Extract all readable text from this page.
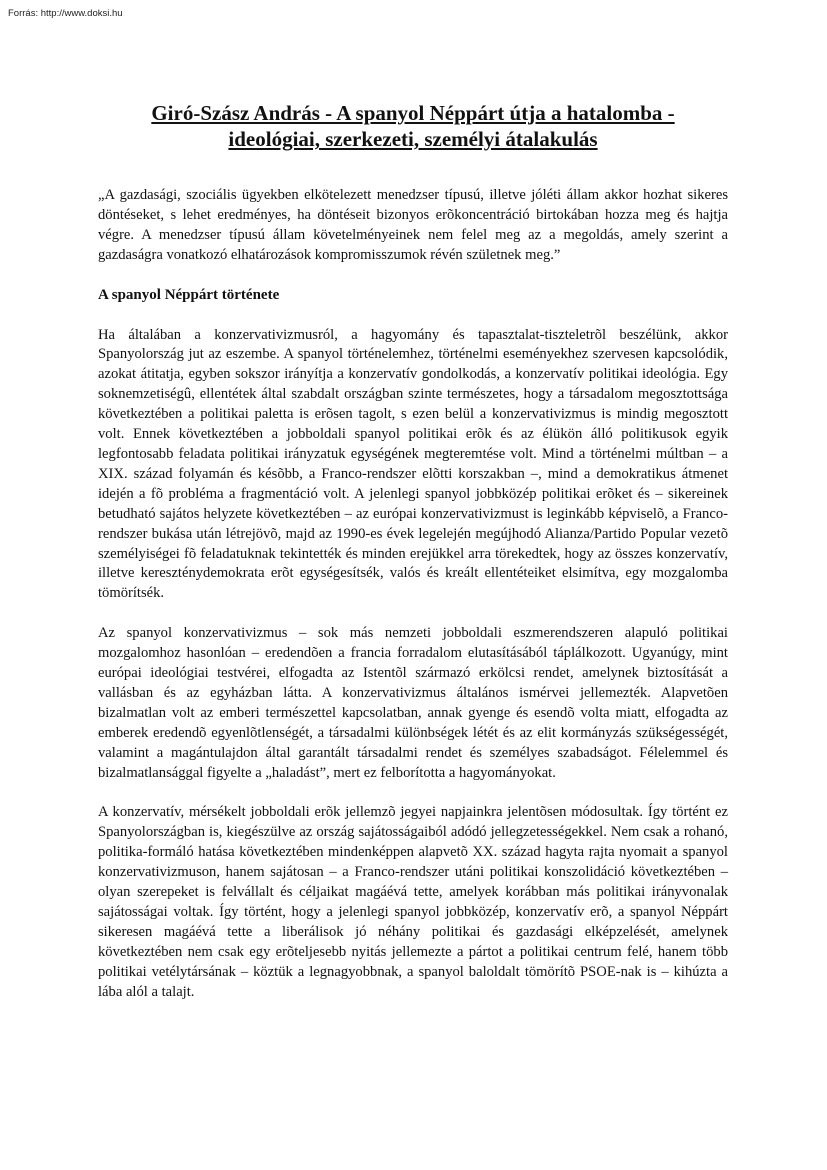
Forrás: http://www.doksi.hu
Giró-Szász András - A spanyol Néppárt útja a hatalomba -
ideológiai, szerkezeti, személyi átalakulás

„A gazdasági, szociális ügyekben elkötelezett menedzser típusú, illetve jóléti állam akkor hozhat sikeres döntéseket, s lehet eredményes, ha döntéseit bizonyos erõkoncentráció birtokában hozza meg és hajtja végre. A menedzser típusú állam követelményeinek nem felel meg az a megoldás, amely szerint a gazdaságra vonatkozó elhatározások kompromisszumok révén születnek meg.”

A spanyol Néppárt története

Ha általában a konzervativizmusról, a hagyomány és tapasztalat-tiszteletrõl beszélünk, akkor Spanyolország jut az eszembe. A spanyol történelemhez, történelmi eseményekhez szervesen kapcsolódik, azokat átitatja, egyben sokszor irányítja a konzervatív gondolkodás, a konzervatív politikai ideológia. Egy soknemzetiségû, ellentétek által szabdalt országban szinte természetes, hogy a társadalom megosztottsága következtében a politikai paletta is erõsen tagolt, s ezen belül a konzervativizmus is mindig megosztott volt. Ennek következtében a jobboldali spanyol politikai erõk és az élükön álló politikusok egyik legfontosabb feladata politikai irányzatuk egységének megteremtése volt. Mind a történelmi múltban – a XIX. század folyamán és késõbb, a Franco-rendszer elõtti korszakban –, mind a demokratikus átmenet idején a fõ probléma a fragmentáció volt. A jelenlegi spanyol jobbközép politikai erõket és – sikereinek betudható sajátos helyzete következtében – az európai konzervativizmust is leginkább képviselõ, a Franco-rendszer bukása után létrejövõ, majd az 1990-es évek legelején megújhodó Alianza/Partido Popular vezetõ személyiségei fõ feladatuknak tekintették és minden erejükkel arra törekedtek, hogy az összes konzervatív, illetve kereszténydemokrata erõt egységesítsék, valós és kreált ellentéteiket elsimítva, egy mozgalomba tömörítsék.

Az spanyol konzervativizmus – sok más nemzeti jobboldali eszmerendszeren alapuló politikai mozgalomhoz hasonlóan – eredendõen a francia forradalom elutasításából táplálkozott. Ugyanúgy, mint európai ideológiai testvérei, elfogadta az Istentõl származó erkölcsi rendet, amelynek biztosítását a vallásban és az egyházban látta. A konzervativizmus általános ismérvei jellemezték. Alapvetõen bizalmatlan volt az emberi természettel kapcsolatban, annak gyenge és esendõ volta miatt, elfogadta az emberek eredendõ egyenlõtlenségét, a társadalmi különbségek létét és az elit kormányzás szükségességét, valamint a magántulajdon által garantált társadalmi rendet és személyes szabadságot. Félelemmel és bizalmatlansággal figyelte a „haladást”, mert ez felborította a hagyományokat.

A konzervatív, mérsékelt jobboldali erõk jellemzõ jegyei napjainkra jelentõsen módosultak. Így történt ez Spanyolországban is, kiegészülve az ország sajátosságaiból adódó jellegzetességekkel. Nem csak a rohanó, politika-formáló hatása következtében mindenképpen alapvetõ XX. század hagyta rajta nyomait a spanyol konzervativizmuson, hanem sajátosan – a Franco-rendszer utáni politikai konszolidáció következtében – olyan szerepeket is felvállalt és céljaikat magáévá tette, amelyek korábban más politikai irányvonalak sajátosságai voltak. Így történt, hogy a jelenlegi spanyol jobbközép, konzervatív erõ, a spanyol Néppárt sikeresen magáévá tette a liberálisok jó néhány politikai és gazdasági elképzelését, amelynek következtében nem csak egy erõteljesebb nyitás jellemezte a pártot a politikai centrum felé, hanem több politikai vetélytársának – köztük a legnagyobbnak, a spanyol baloldalt tömörítõ PSOE-nak is – kihúzta a lába alól a talajt.
